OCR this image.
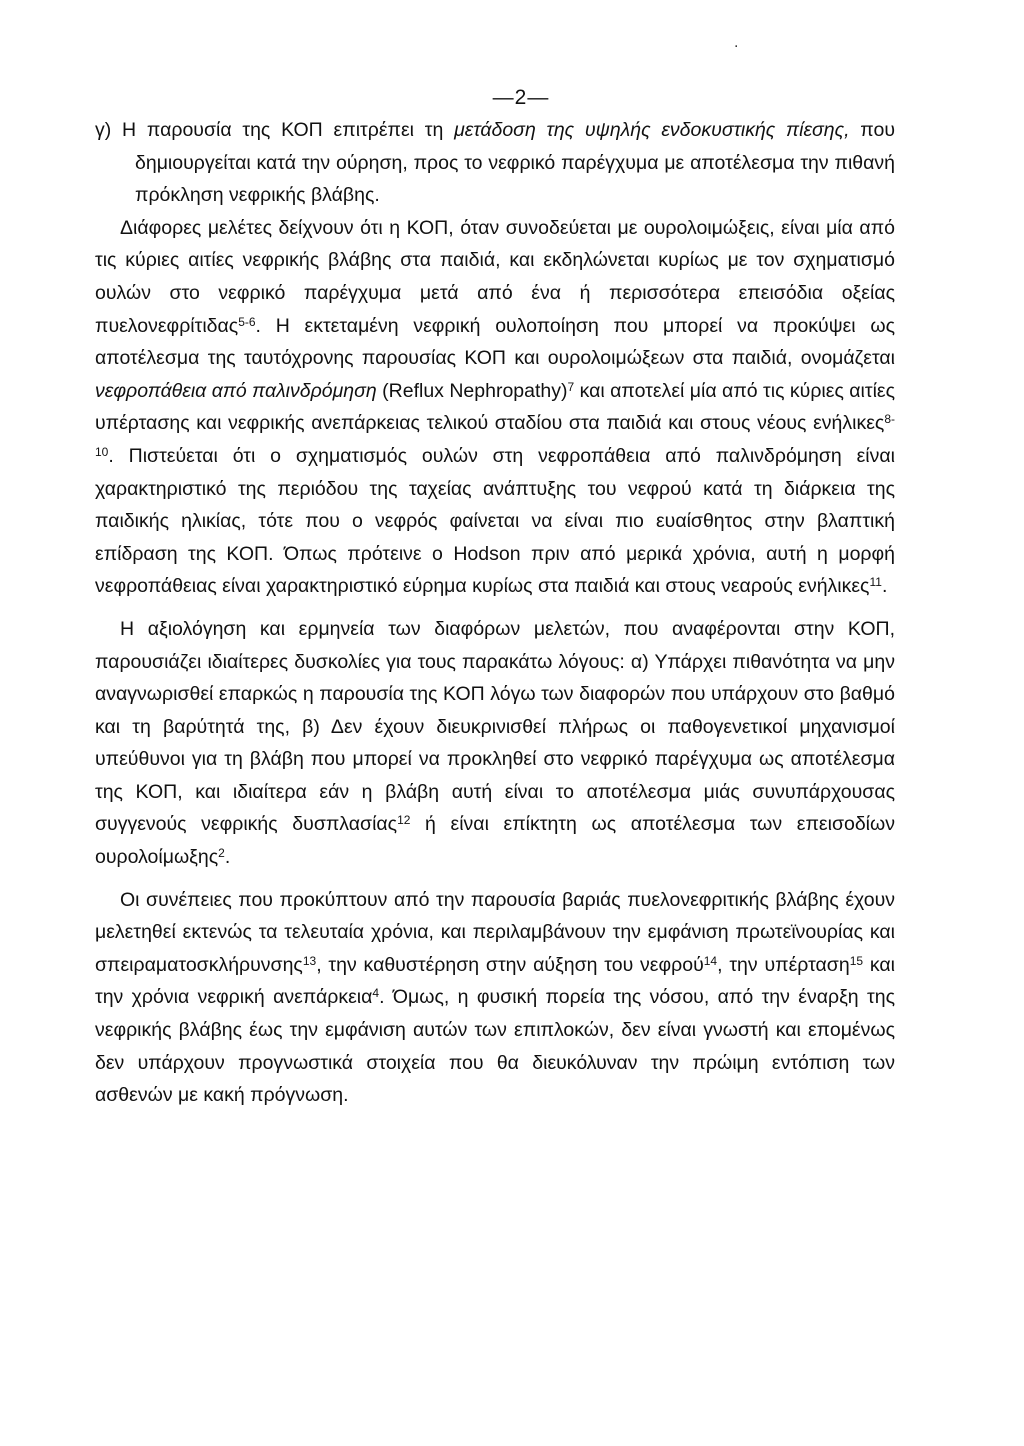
.
—2—

γ) Η παρουσία της ΚΟΠ επιτρέπει τη μετάδοση της υψηλής ενδοκυστικής πίεσης, που δημιουργείται κατά την ούρηση, προς το νεφρικό παρέγχυμα με αποτέλεσμα την πιθανή πρόκληση νεφρικής βλάβης.

Διάφορες μελέτες δείχνουν ότι η ΚΟΠ, όταν συνοδεύεται με ουρολοιμώξεις, είναι μία από τις κύριες αιτίες νεφρικής βλάβης στα παιδιά, και εκδηλώνεται κυρίως με τον σχηματισμό ουλών στο νεφρικό παρέγχυμα μετά από ένα ή περισσότερα επεισόδια οξείας πυελονεφρίτιδας$^{5-6}$. Η εκτεταμένη νεφρική ουλοποίηση που μπορεί να προκύψει ως αποτέλεσμα της ταυτόχρονης παρουσίας ΚΟΠ και ουρολοιμώξεων στα παιδιά, ονομάζεται νεφροπάθεια από παλινδρόμηση (Reflux Nephropathy)$^7$ και αποτελεί μία από τις κύριες αιτίες υπέρτασης και νεφρικής ανεπάρκειας τελικού σταδίου στα παιδιά και στους νέους ενήλικες$^{8-10}$. Πιστεύεται ότι ο σχηματισμός ουλών στη νεφροπάθεια από παλινδρόμηση είναι χαρακτηριστικό της περιόδου της ταχείας ανάπτυξης του νεφρού κατά τη διάρκεια της παιδικής ηλικίας, τότε που ο νεφρός φαίνεται να είναι πιο ευαίσθητος στην βλαπτική επίδραση της ΚΟΠ. Όπως πρότεινε ο Hodson πριν από μερικά χρόνια, αυτή η μορφή νεφροπάθειας είναι χαρακτηριστικό εύρημα κυρίως στα παιδιά και στους νεαρούς ενήλικες$^{11}$.

Η αξιολόγηση και ερμηνεία των διαφόρων μελετών, που αναφέρονται στην ΚΟΠ, παρουσιάζει ιδιαίτερες δυσκολίες για τους παρακάτω λόγους: α) Υπάρχει πιθανότητα να μην αναγνωρισθεί επαρκώς η παρουσία της ΚΟΠ λόγω των διαφορών που υπάρχουν στο βαθμό και τη βαρύτητά της, β) Δεν έχουν διευκρινισθεί πλήρως οι παθογενετικοί μηχανισμοί υπεύθυνοι για τη βλάβη που μπορεί να προκληθεί στο νεφρικό παρέγχυμα ως αποτέλεσμα της ΚΟΠ, και ιδιαίτερα εάν η βλάβη αυτή είναι το αποτέλεσμα μιάς συνυπάρχουσας συγγενούς νεφρικής δυσπλασίας$^{12}$ ή είναι επίκτητη ως αποτέλεσμα των επεισοδίων ουρολοίμωξης$^2$.

Οι συνέπειες που προκύπτουν από την παρουσία βαριάς πυελονεφριτικής βλάβης έχουν μελετηθεί εκτενώς τα τελευταία χρόνια, και περιλαμβάνουν την εμφάνιση πρωτεϊνουρίας και σπειραματοσκλήρυνσης$^{13}$, την καθυστέρηση στην αύξηση του νεφρού$^{14}$, την υπέρταση$^{15}$ και την χρόνια νεφρική ανεπάρκεια$^4$. Όμως, η φυσική πορεία της νόσου, από την έναρξη της νεφρικής βλάβης έως την εμφάνιση αυτών των επιπλοκών, δεν είναι γνωστή και επομένως δεν υπάρχουν προγνωστικά στοιχεία που θα διευκόλυναν την πρώιμη εντόπιση των ασθενών με κακή πρόγνωση.
